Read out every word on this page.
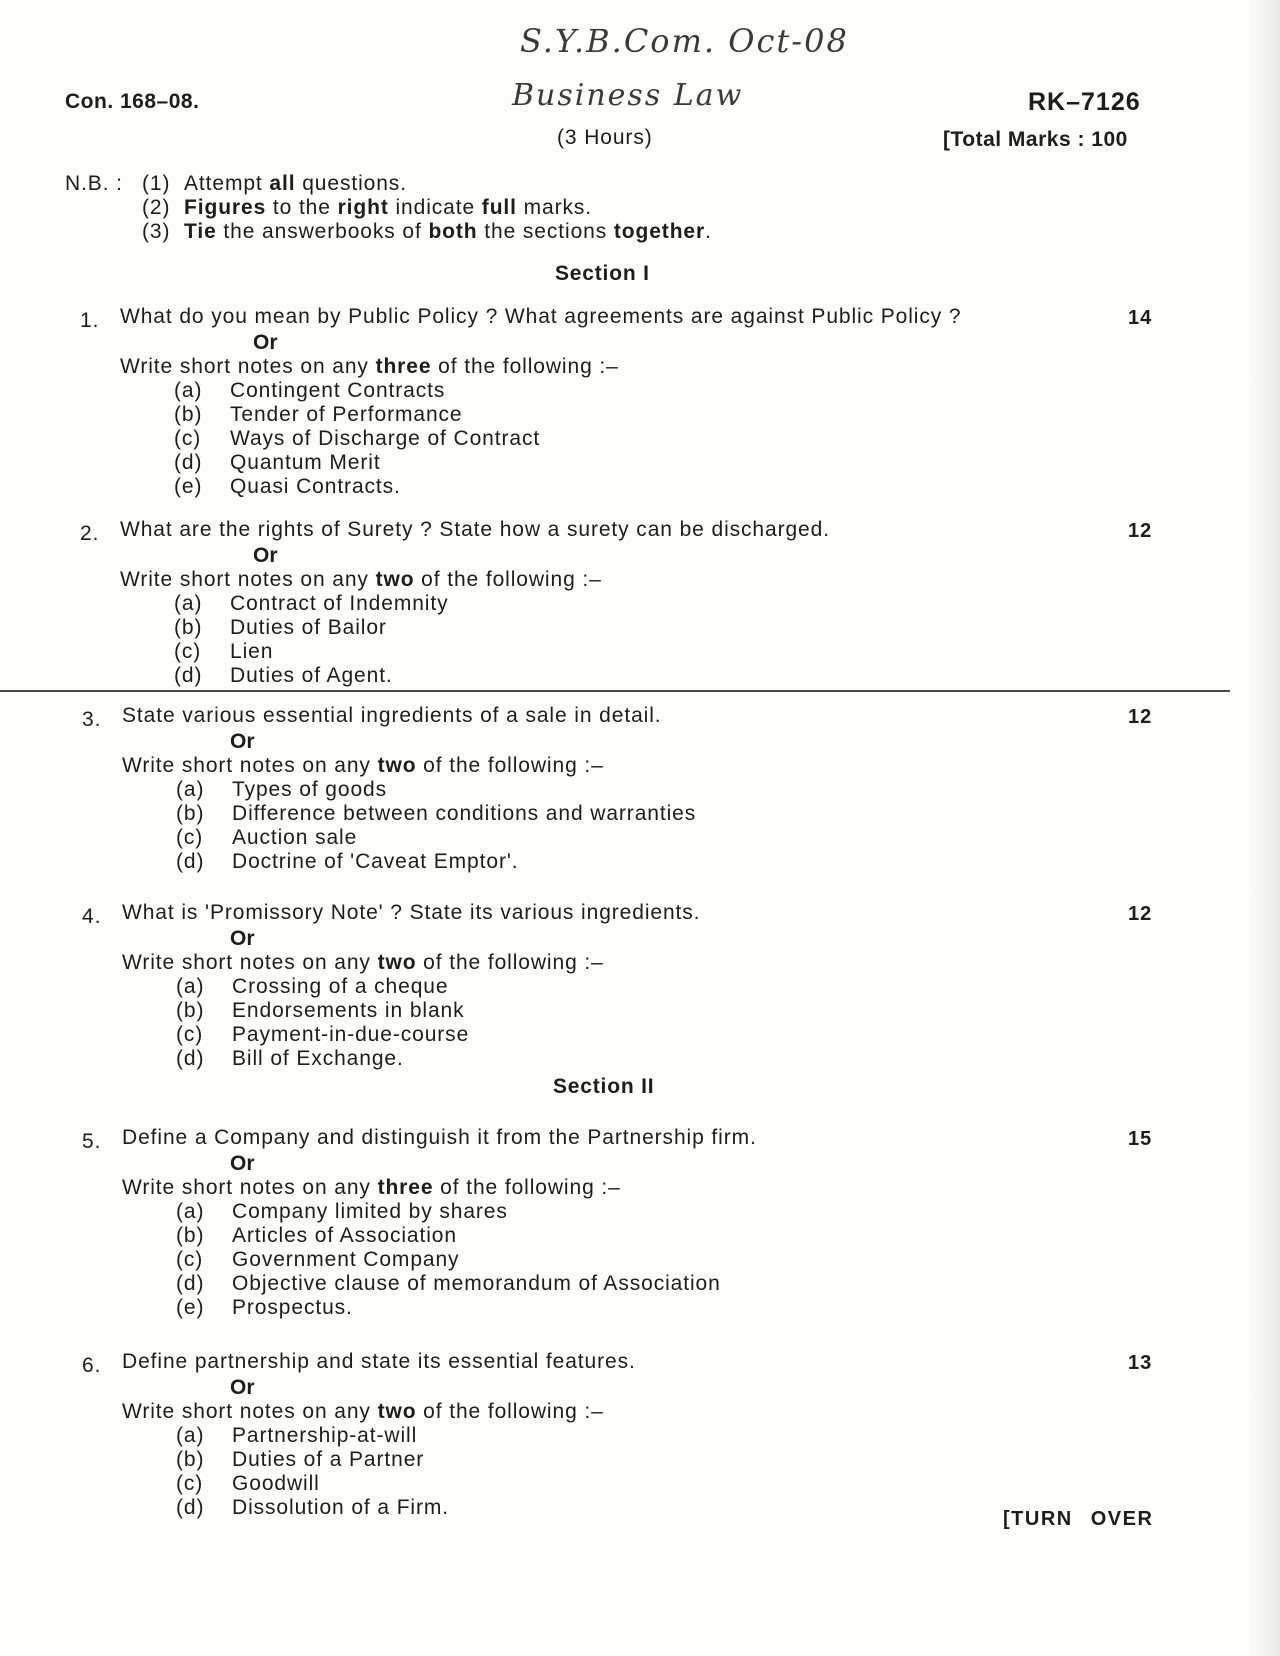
S.Y.B.Com. Oct-08
Business Law
Con. 168–08.	RK–7126
(3 Hours)	[Total Marks : 100
N.B. : (1) Attempt all questions.
(2) Figures to the right indicate full marks.
(3) Tie the answerbooks of both the sections together.
Section I
Section II
1. What do you mean by Public Policy ? What agreements are against Public Policy ?	14
Or
Write short notes on any three of the following :–
(a) Contingent Contracts
(b) Tender of Performance
(c) Ways of Discharge of Contract
(d) Quantum Merit
(e) Quasi Contracts.
2. What are the rights of Surety ? State how a surety can be discharged.	12
Or
Write short notes on any two of the following :–
(a) Contract of Indemnity
(b) Duties of Bailor
(c) Lien
(d) Duties of Agent.
3. State various essential ingredients of a sale in detail.	12
Or
Write short notes on any two of the following :–
(a) Types of goods
(b) Difference between conditions and warranties
(c) Auction sale
(d) Doctrine of 'Caveat Emptor'.
4. What is 'Promissory Note' ? State its various ingredients.	12
Or
Write short notes on any two of the following :–
(a) Crossing of a cheque
(b) Endorsements in blank
(c) Payment-in-due-course
(d) Bill of Exchange.
5. Define a Company and distinguish it from the Partnership firm.	15
Or
Write short notes on any three of the following :–
(a) Company limited by shares
(b) Articles of Association
(c) Government Company
(d) Objective clause of memorandum of Association
(e) Prospectus.
6. Define partnership and state its essential features.	13
Or
Write short notes on any two of the following :–
(a) Partnership-at-will
(b) Duties of a Partner
(c) Goodwill
(d) Dissolution of a Firm.	[TURN OVER
